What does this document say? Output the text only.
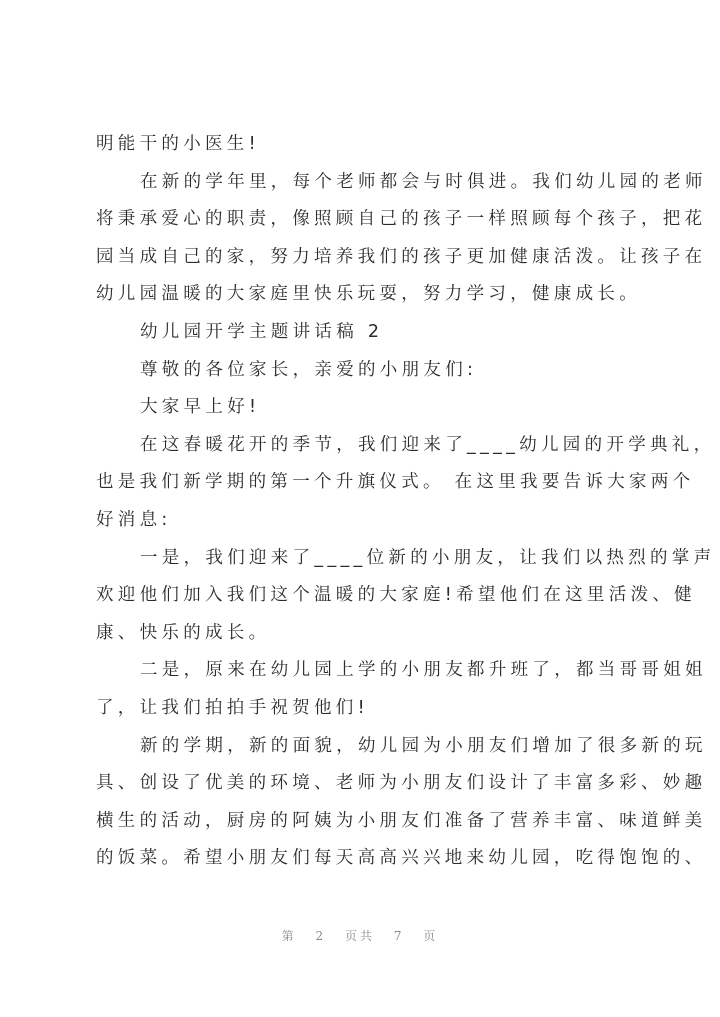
明能干的小医生!
在新的学年里，每个老师都会与时俱进。我们幼儿园的老师
将秉承爱心的职责，像照顾自己的孩子一样照顾每个孩子，把花
园当成自己的家，努力培养我们的孩子更加健康活泼。让孩子在
幼儿园温暖的大家庭里快乐玩耍，努力学习，健康成长。
幼儿园开学主题讲话稿 2
尊敬的各位家长，亲爱的小朋友们:
大家早上好!
在这春暖花开的季节，我们迎来了____幼儿园的开学典礼，
也是我们新学期的第一个升旗仪式。 在这里我要告诉大家两个
好消息:
一是，我们迎来了____位新的小朋友，让我们以热烈的掌声
欢迎他们加入我们这个温暖的大家庭!希望他们在这里活泼、健
康、快乐的成长。
二是，原来在幼儿园上学的小朋友都升班了，都当哥哥姐姐
了，让我们拍拍手祝贺他们!
新的学期，新的面貌，幼儿园为小朋友们增加了很多新的玩
具、创设了优美的环境、老师为小朋友们设计了丰富多彩、妙趣
横生的活动，厨房的阿姨为小朋友们准备了营养丰富、味道鲜美
的饭菜。希望小朋友们每天高高兴兴地来幼儿园，吃得饱饱的、
第 2 页共 7 页
